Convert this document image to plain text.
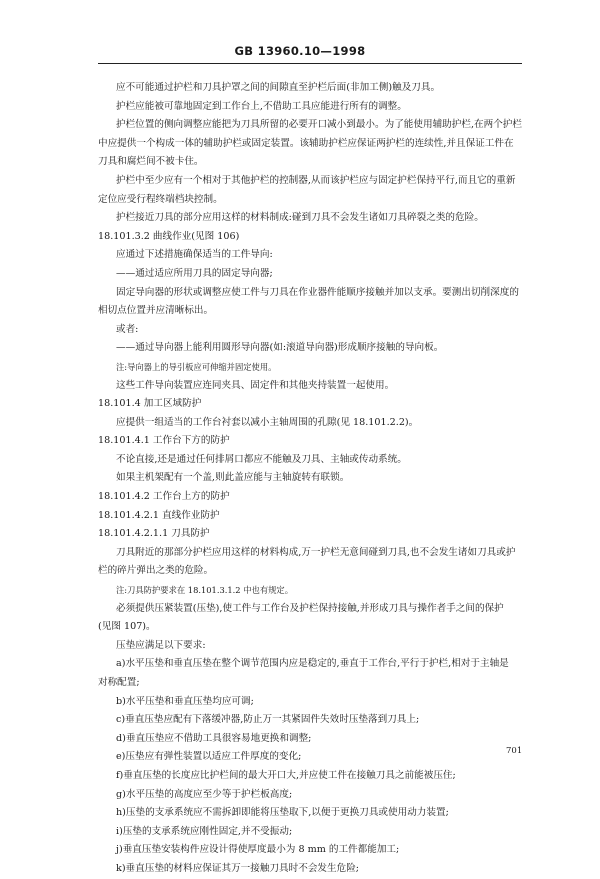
GB 13960.10—1998
应不可能通过护栏和刀具护罩之间的间隙直至护栏后面(非加工侧)触及刀具。
护栏应能被可靠地固定到工作台上,不借助工具应能进行所有的调整。
护栏位置的侧向调整应能把为刀具所留的必要开口减小到最小。为了能使用辅助护栏,在两个护栏
中应提供一个构成一体的辅助护栏或固定装置。该辅助护栏应保证两护栏的连续性,并且保证工件在
刀具和腐烂间不被卡住。
护栏中至少应有一个相对于其他护栏的控制器,从而该护栏应与固定护栏保持平行,而且它的重新
定位应受行程终端档块控制。
护栏接近刀具的部分应用这样的材料制成:碰到刀具不会发生诸如刀具碎裂之类的危险。
18.101.3.2 曲线作业(见图 106)
应通过下述措施确保适当的工件导向:
——通过适应所用刀具的固定导向器;
固定导向器的形状或调整应使工件与刀具在作业器件能顺序接触并加以支承。要测出切削深度的
相切点位置并应清晰标出。
或者:
——通过导向器上能利用圆形导向器(如:滚道导向器)形成顺序接触的导向板。
注:导向器上的导引板应可伸缩并固定使用。
这些工件导向装置应连同夹具、固定件和其他夹持装置一起使用。
18.101.4 加工区域防护
应提供一组适当的工作台衬套以减小主轴周围的孔隙(见 18.101.2.2)。
18.101.4.1 工作台下方的防护
不论直接,还是通过任何排屑口都应不能触及刀具、主轴或传动系统。
如果主机架配有一个盖,则此盖应能与主轴旋转有联锁。
18.101.4.2 工作台上方的防护
18.101.4.2.1 直线作业防护
18.101.4.2.1.1 刀具防护
刀具附近的那部分护栏应用这样的材料构成,万一护栏无意间碰到刀具,也不会发生诸如刀具或护
栏的碎片弹出之类的危险。
注:刀具防护要求在 18.101.3.1.2 中也有规定。
必须提供压紧装置(压垫),使工件与工作台及护栏保持接触,并形成刀具与操作者手之间的保护
(见图 107)。
压垫应满足以下要求:
a)水平压垫和垂直压垫在整个调节范围内应是稳定的,垂直于工作台,平行于护栏,相对于主轴是
对称配置;
b)水平压垫和垂直压垫均应可调;
c)垂直压垫应配有下落缓冲器,防止万一其紧固件失效时压垫落到刀具上;
d)垂直压垫应不借助工具很容易地更换和调整;
e)压垫应有弹性装置以适应工件厚度的变化;
f)垂直压垫的长度应比护栏间的最大开口大,并应使工件在接触刀具之前能被压住;
g)水平压垫的高度应至少等于护栏板高度;
h)压垫的支承系统应不需拆卸即能将压垫取下,以便于更换刀具或使用动力装置;
i)压垫的支承系统应刚性固定,并不受振动;
j)垂直压垫安装构件应设计得使厚度最小为 8 mm 的工件都能加工;
k)垂直压垫的材料应保证其万一接触刀具时不会发生危险;
701
